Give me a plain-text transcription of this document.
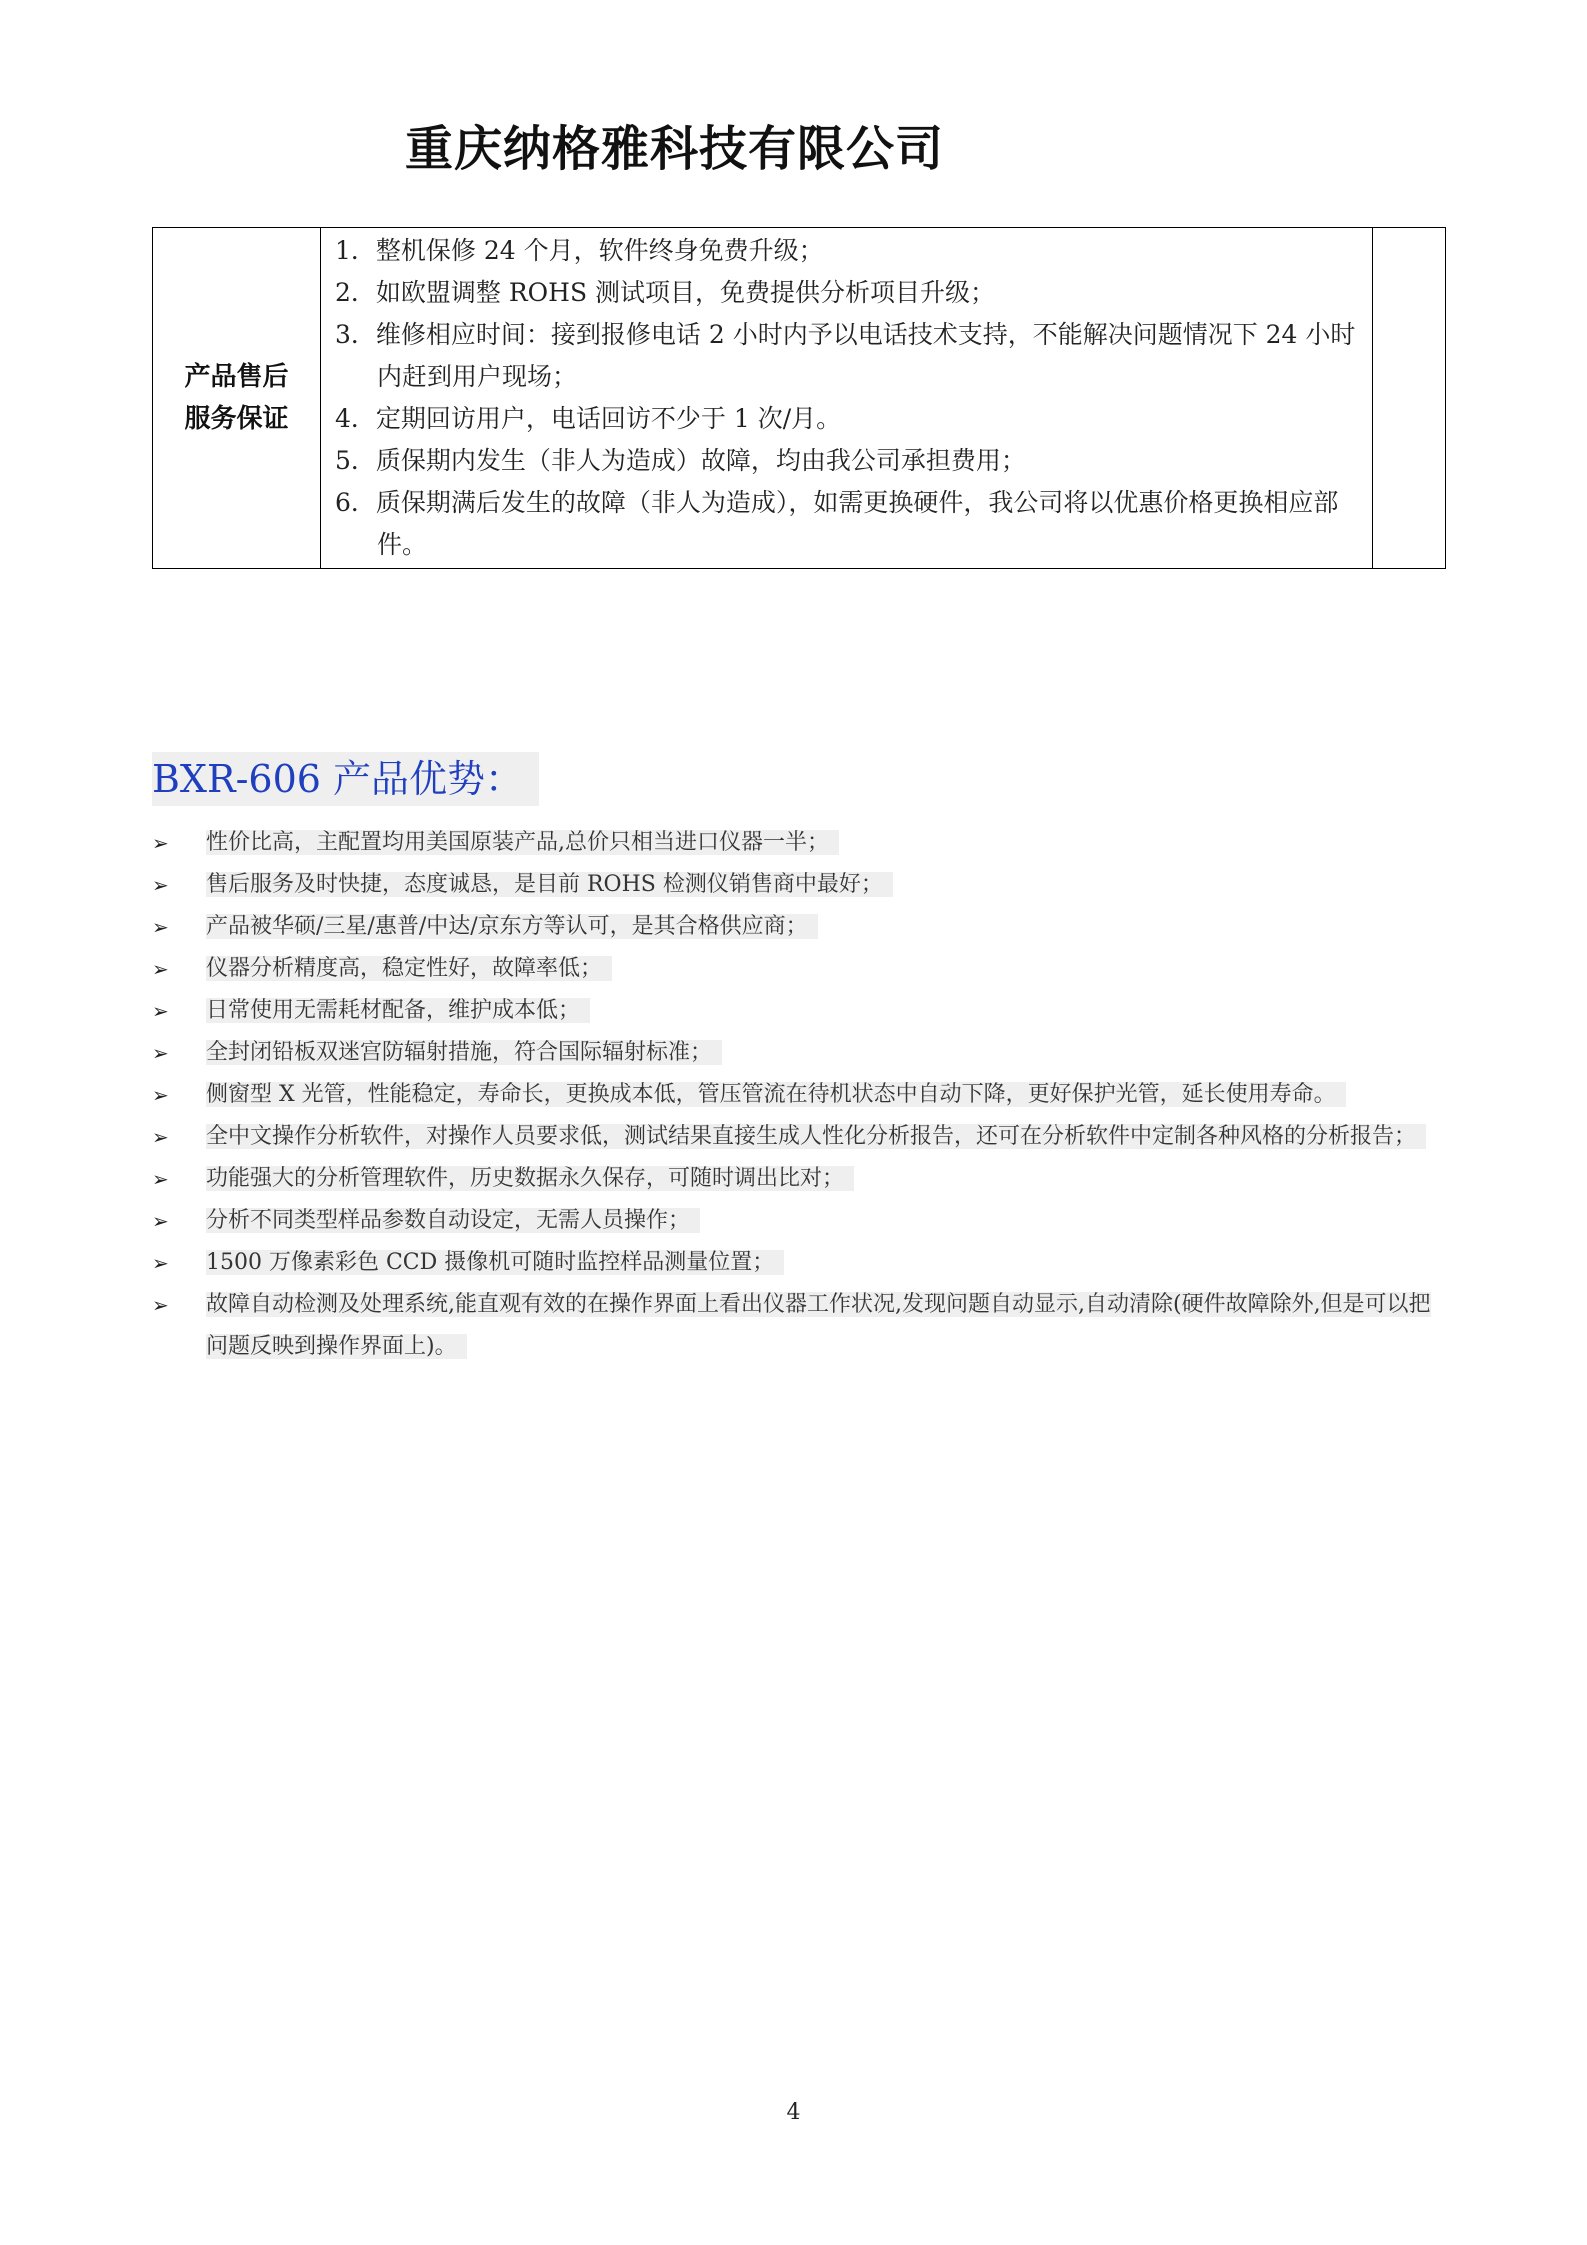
重庆纳格雅科技有限公司
产品售后
服务保证

1．整机保修 24 个月，软件终身免费升级；
2．如欧盟调整 ROHS 测试项目，免费提供分析项目升级；
3．维修相应时间：接到报修电话 2 小时内予以电话技术支持，不能解决问题情况下 24 小时内赶到用户现场；
4．定期回访用户，电话回访不少于 1 次/月。
5．质保期内发生（非人为造成）故障，均由我公司承担费用；
6．质保期满后发生的故障（非人为造成），如需更换硬件，我公司将以优惠价格更换相应部件。

BXR-606 产品优势：
➢ 性价比高，主配置均用美国原装产品,总价只相当进口仪器一半；
➢ 售后服务及时快捷，态度诚恳，是目前 ROHS 检测仪销售商中最好；
➢ 产品被华硕/三星/惠普/中达/京东方等认可，是其合格供应商；
➢ 仪器分析精度高，稳定性好，故障率低；
➢ 日常使用无需耗材配备，维护成本低；
➢ 全封闭铅板双迷宫防辐射措施，符合国际辐射标准；
➢ 侧窗型 X 光管，性能稳定，寿命长，更换成本低，管压管流在待机状态中自动下降，更好保护光管，延长使用寿命。
➢ 全中文操作分析软件，对操作人员要求低，测试结果直接生成人性化分析报告，还可在分析软件中定制各种风格的分析报告；
➢ 功能强大的分析管理软件，历史数据永久保存，可随时调出比对；
➢ 分析不同类型样品参数自动设定，无需人员操作；
➢ 1500 万像素彩色 CCD 摄像机可随时监控样品测量位置；
➢ 故障自动检测及处理系统,能直观有效的在操作界面上看出仪器工作状况,发现问题自动显示,自动清除(硬件故障除外,但是可以把问题反映到操作界面上)。
4
